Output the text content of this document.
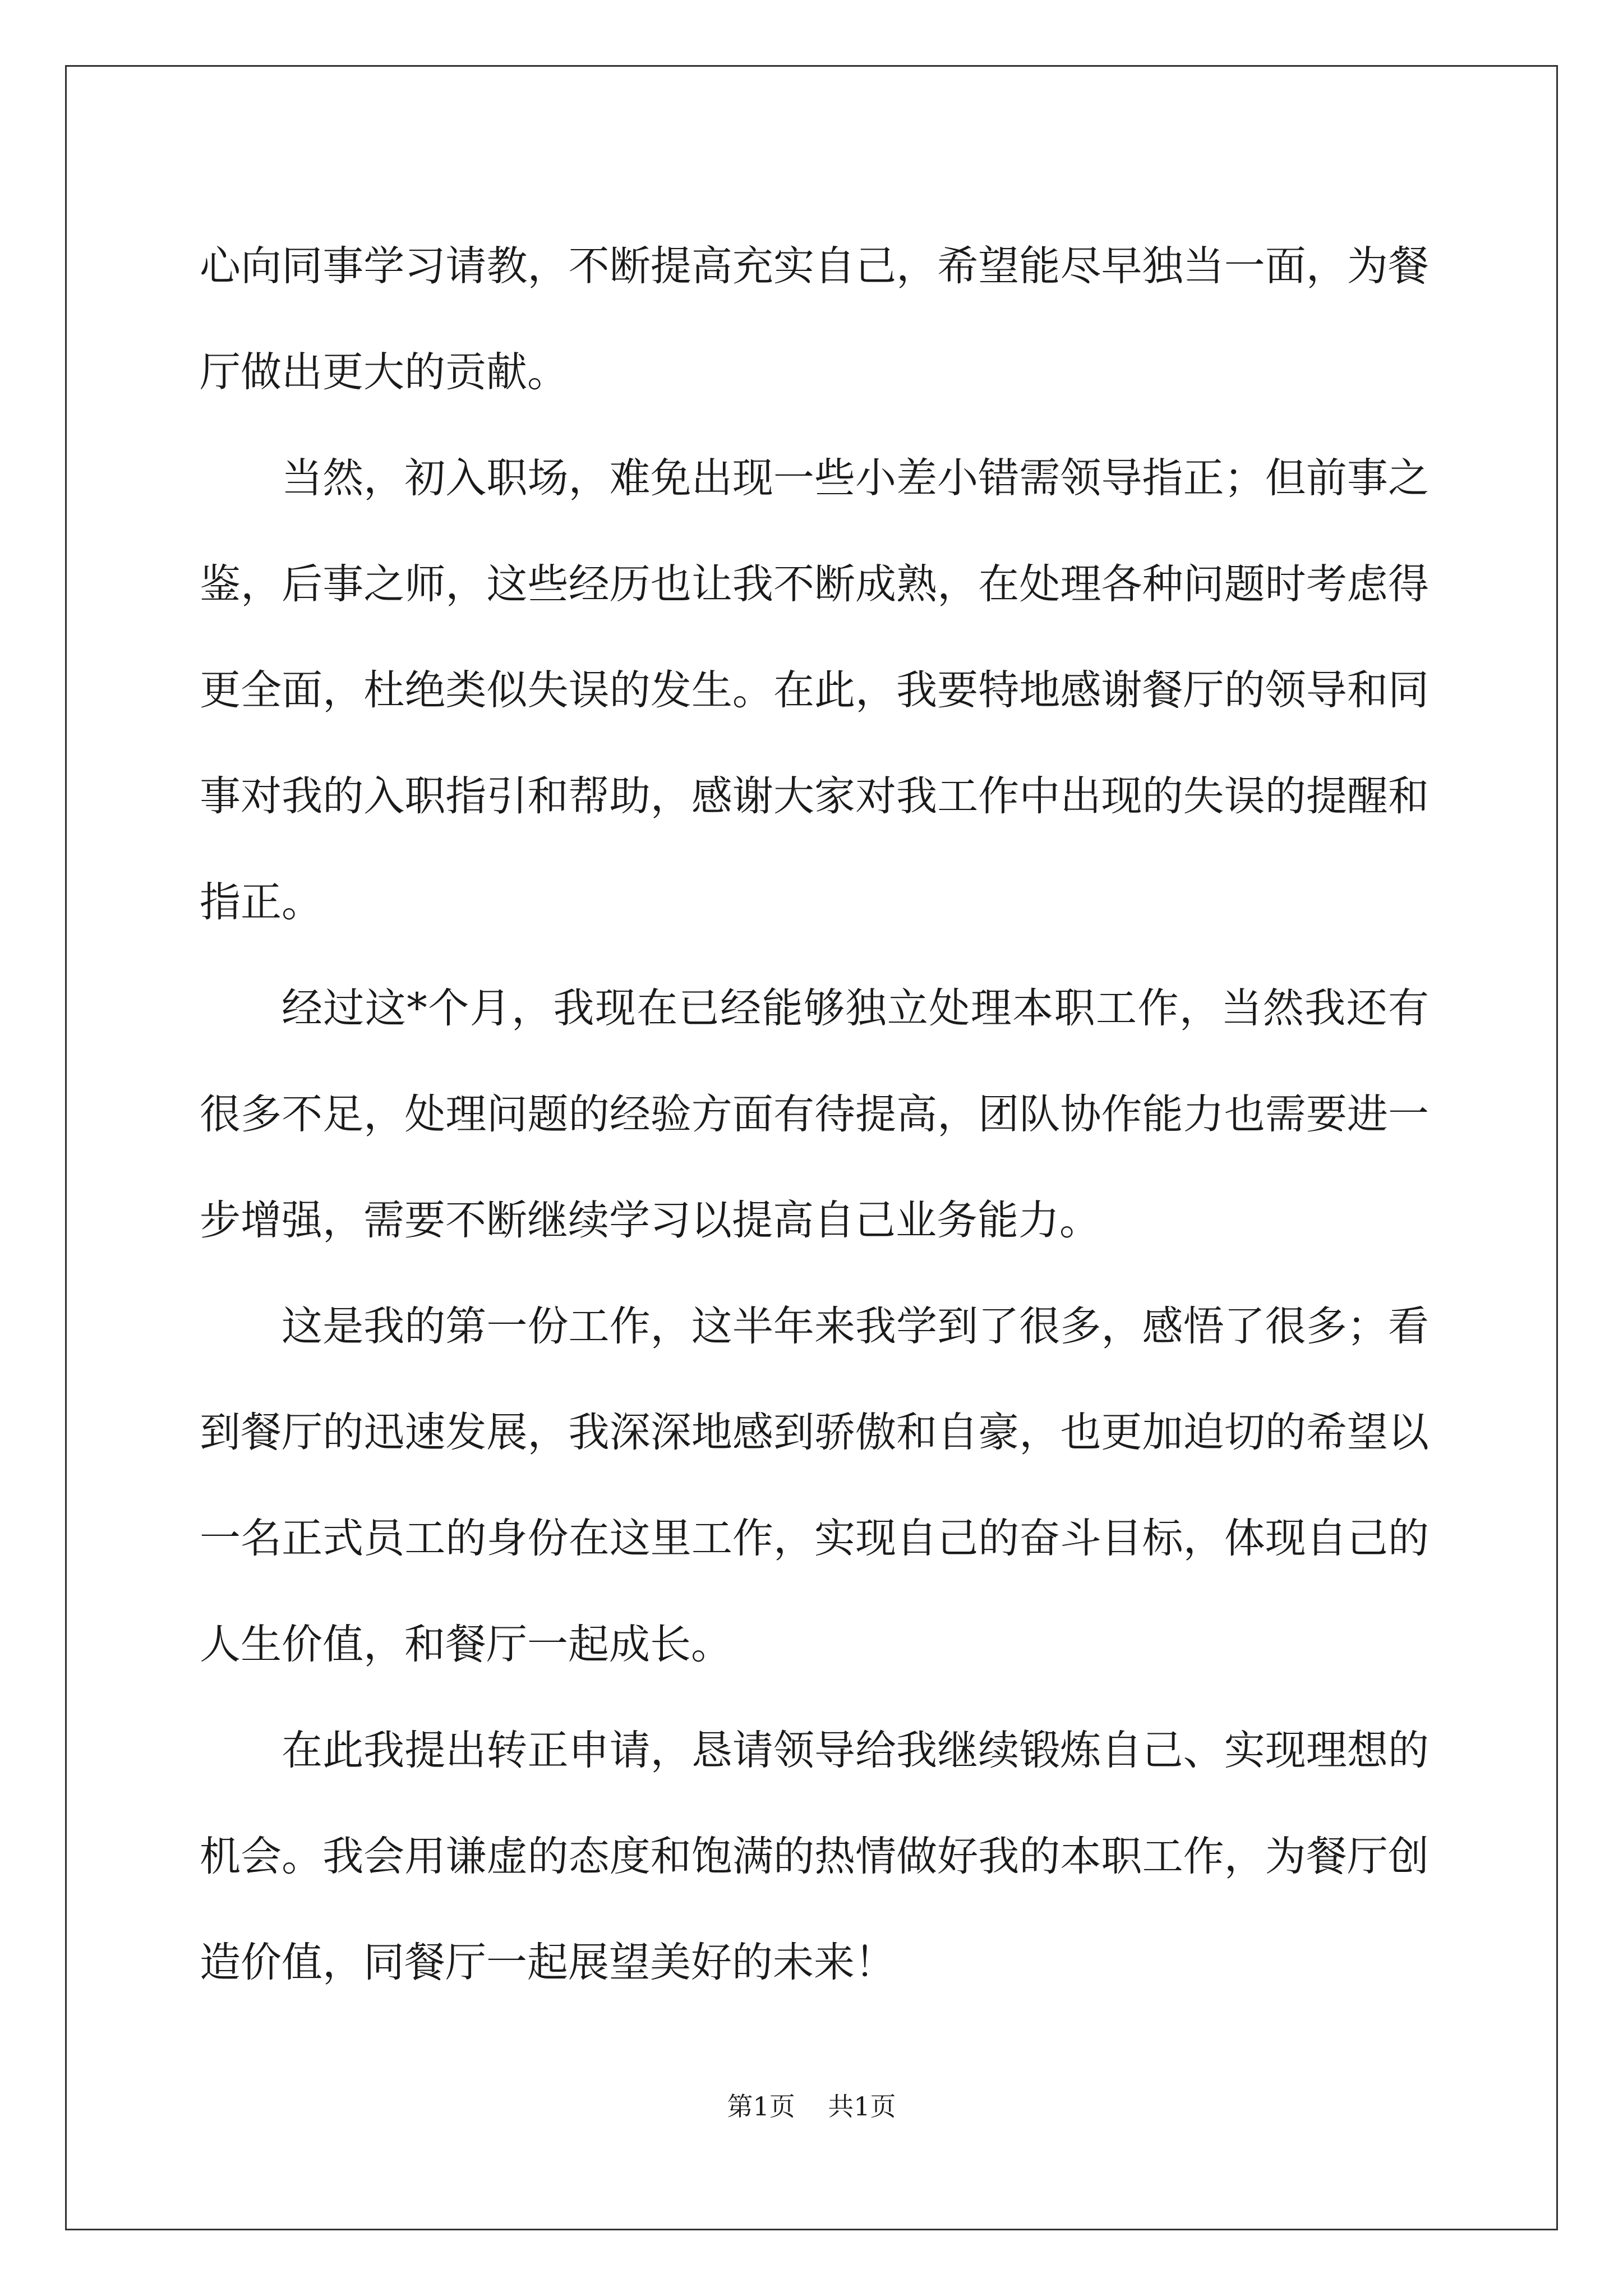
心向同事学习请教，不断提高充实自己，希望能尽早独当一面，为餐厅做出更大的贡献。

当然，初入职场，难免出现一些小差小错需领导指正；但前事之鉴，后事之师，这些经历也让我不断成熟，在处理各种问题时考虑得更全面，杜绝类似失误的发生。在此，我要特地感谢餐厅的领导和同事对我的入职指引和帮助，感谢大家对我工作中出现的失误的提醒和指正。

经过这*个月，我现在已经能够独立处理本职工作，当然我还有很多不足，处理问题的经验方面有待提高，团队协作能力也需要进一步增强，需要不断继续学习以提高自己业务能力。

这是我的第一份工作，这半年来我学到了很多，感悟了很多；看到餐厅的迅速发展，我深深地感到骄傲和自豪，也更加迫切的希望以一名正式员工的身份在这里工作，实现自己的奋斗目标，体现自己的人生价值，和餐厅一起成长。

在此我提出转正申请，恳请领导给我继续锻炼自己、实现理想的机会。我会用谦虚的态度和饱满的热情做好我的本职工作，为餐厅创造价值，同餐厅一起展望美好的未来！

第1页 共1页
